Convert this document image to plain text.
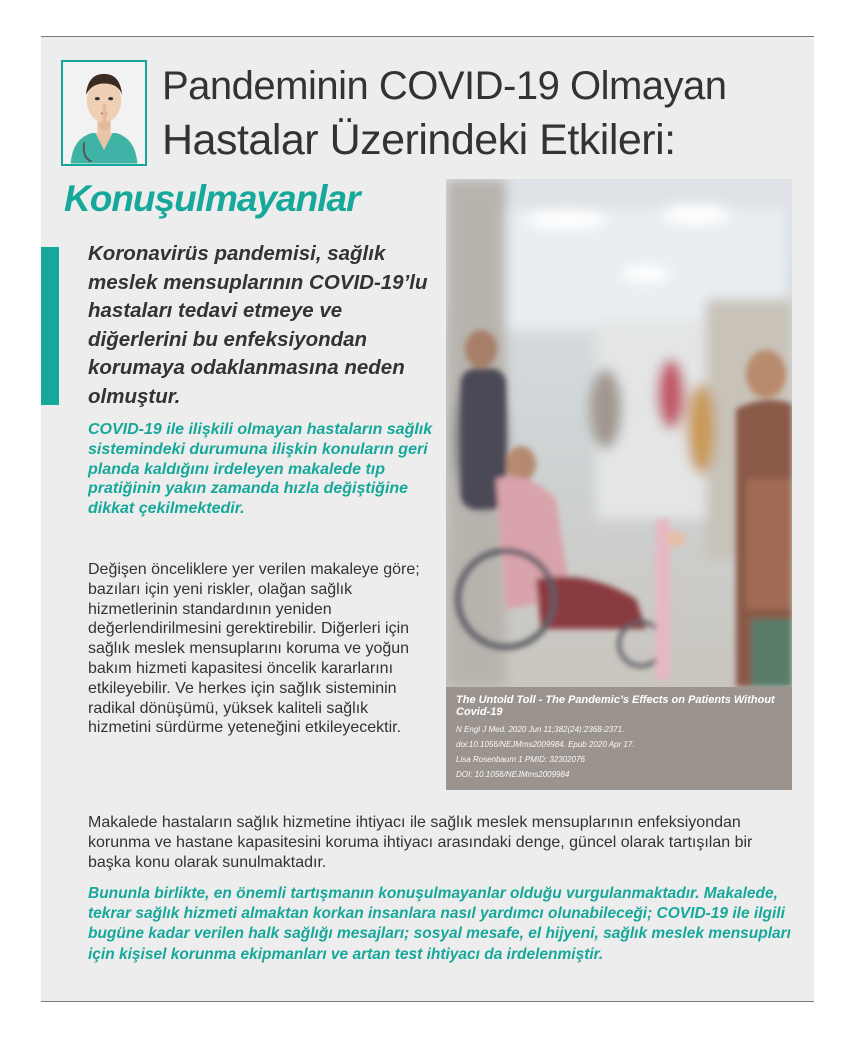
Pandeminin COVID-19 Olmayan
Hastalar Üzerindeki Etkileri:
Konuşulmayanlar
Koronavirüs pandemisi, sağlık meslek mensuplarının COVID-19’lu hastaları tedavi etmeye ve diğerlerini bu enfeksiyondan korumaya odaklanmasına neden olmuştur.
COVID-19 ile ilişkili olmayan hastaların sağlık sistemindeki durumuna ilişkin konuların geri planda kaldığını irdeleyen makalede tıp pratiğinin yakın zamanda hızla değiştiğine dikkat çekilmektedir.
Değişen önceliklere yer verilen makaleye göre; bazıları için yeni riskler, olağan sağlık hizmetlerinin standardının yeniden değerlendirilmesini gerektirebilir. Diğerleri için sağlık meslek mensuplarını koruma ve yoğun bakım hizmeti kapasitesi öncelik kararlarını etkileyebilir. Ve herkes için sağlık sisteminin radikal dönüşümü, yüksek kaliteli sağlık hizmetini sürdürme yeteneğini etkileyecektir.
Makalede hastaların sağlık hizmetine ihtiyacı ile sağlık meslek mensuplarının enfeksiyondan korunma ve hastane kapasitesini koruma ihtiyacı arasındaki denge, güncel olarak tartışılan bir başka konu olarak sunulmaktadır.
Bununla birlikte, en önemli tartışmanın konuşulmayanlar olduğu vurgulanmaktadır. Makalede, tekrar sağlık hizmeti almaktan korkan insanlara nasıl yardımcı olunabileceği; COVID-19 ile ilgili bugüne kadar verilen halk sağlığı mesajları; sosyal mesafe, el hijyeni, sağlık meslek mensupları için kişisel korunma ekipmanları ve artan test ihtiyacı da irdelenmiştir.
The Untold Toll - The Pandemic’s Effects on Patients Without Covid-19
N Engl J Med. 2020 Jun 11;382(24):2368-2371.
doi:10.1056/NEJMms2009984. Epub 2020 Apr 17.
Lisa Rosenbaum 1 PMID: 32302076
DOI: 10.1056/NEJMms2009984
